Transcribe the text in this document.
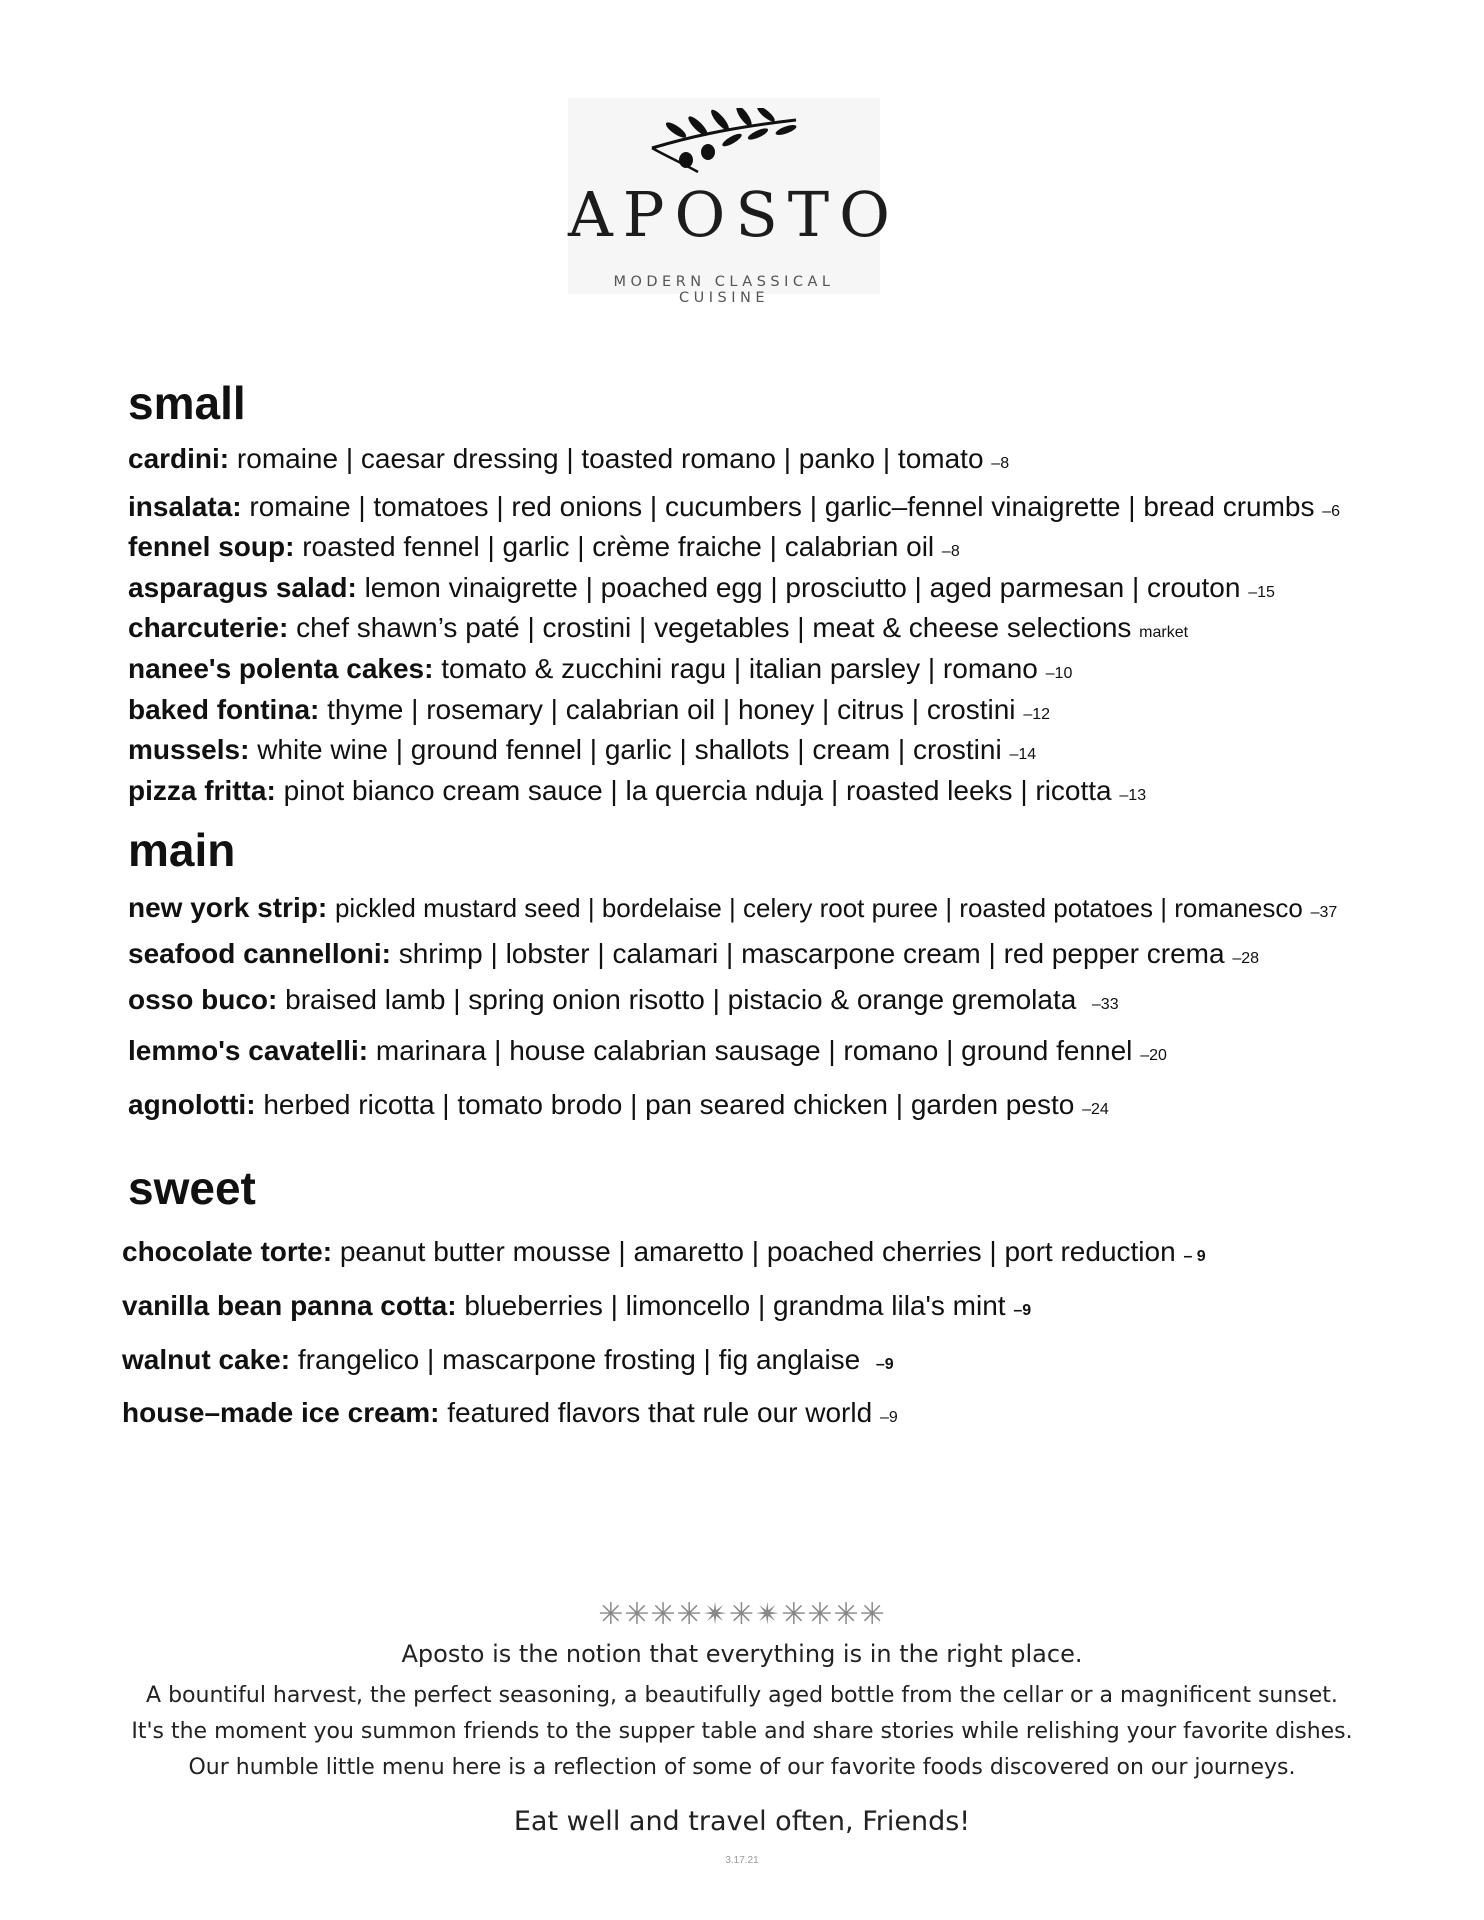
APOSTO
MODERN CLASSICAL CUISINE
small
cardini: romaine | caesar dressing | toasted romano | panko | tomato –8
insalata: romaine | tomatoes | red onions | cucumbers | garlic–fennel vinaigrette | bread crumbs –6
fennel soup: roasted fennel | garlic | crème fraiche | calabrian oil –8
asparagus salad: lemon vinaigrette | poached egg | prosciutto | aged parmesan | crouton –15
charcuterie: chef shawn’s paté | crostini | vegetables | meat & cheese selections market
nanee's polenta cakes: tomato & zucchini ragu | italian parsley | romano –10
baked fontina: thyme | rosemary | calabrian oil | honey | citrus | crostini –12
mussels: white wine | ground fennel | garlic | shallots | cream | crostini –14
pizza fritta: pinot bianco cream sauce | la quercia nduja | roasted leeks | ricotta –13
main
new york strip: pickled mustard seed | bordelaise | celery root puree | roasted potatoes | romanesco –37
seafood cannelloni: shrimp | lobster | calamari | mascarpone cream | red pepper crema –28
osso buco: braised lamb | spring onion risotto | pistacio & orange gremolata –33
lemmo's cavatelli: marinara | house calabrian sausage | romano | ground fennel –20
agnolotti: herbed ricotta | tomato brodo | pan seared chicken | garden pesto –24
sweet
chocolate torte: peanut butter mousse | amaretto | poached cherries | port reduction – 9
vanilla bean panna cotta: blueberries | limoncello | grandma lila's mint –9
walnut cake: frangelico | mascarpone frosting | fig anglaise –9
house–made ice cream: featured flavors that rule our world –9
✳✳✳✳✴✳✴✳✳✳✳
Aposto is the notion that everything is in the right place.
A bountiful harvest, the perfect seasoning, a beautifully aged bottle from the cellar or a magnificent sunset.
It's the moment you summon friends to the supper table and share stories while relishing your favorite dishes.
Our humble little menu here is a reflection of some of our favorite foods discovered on our journeys.
Eat well and travel often, Friends!
3.17.21
